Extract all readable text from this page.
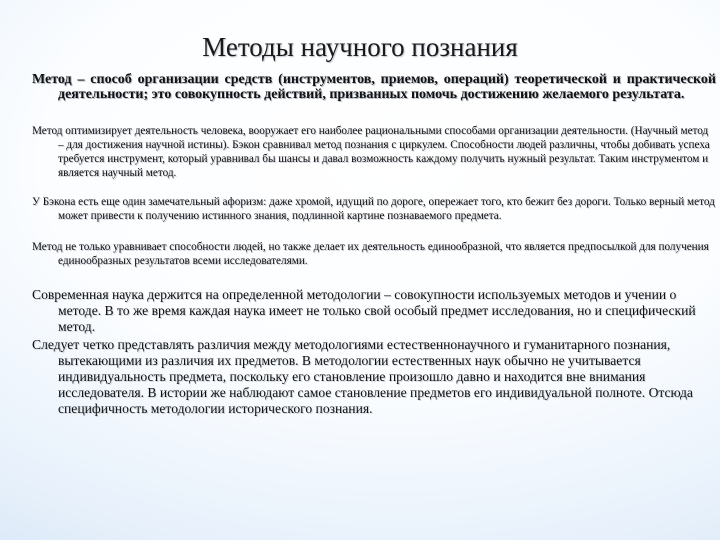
Методы научного познания

Метод – способ организации средств (инструментов, приемов, операций) теоретической и практической деятельности; это совокупность действий, призванных помочь достижению желаемого результата.

Метод оптимизирует деятельность человека, вооружает его наиболее рациональными способами организации деятельности. (Научный метод – для достижения научной истины). Бэкон сравнивал метод познания с циркулем. Способности людей различны, чтобы добивать успеха требуется инструмент, который уравнивал бы шансы и давал возможность каждому получить нужный результат. Таким инструментом и является научный метод.

У Бэкона есть еще один замечательный афоризм: даже хромой, идущий по дороге, опережает того, кто бежит без дороги. Только верный метод может привести к получению истинного знания, подлинной картине познаваемого предмета.

Метод не только уравнивает способности людей, но также делает их деятельность единообразной, что является предпосылкой для получения единообразных результатов всеми исследователями.

Современная наука держится на определенной методологии – совокупности используемых методов и учении о методе. В то же время каждая наука имеет не только свой особый предмет исследования, но и специфический метод.

Следует четко представлять различия между методологиями естественнонаучного и гуманитарного познания, вытекающими из различия их предметов. В методологии естественных наук обычно не учитывается индивидуальность предмета, поскольку его становление произошло давно и находится вне внимания исследователя. В истории же наблюдают самое становление предметов его индивидуальной полноте. Отсюда специфичность методологии исторического познания.
